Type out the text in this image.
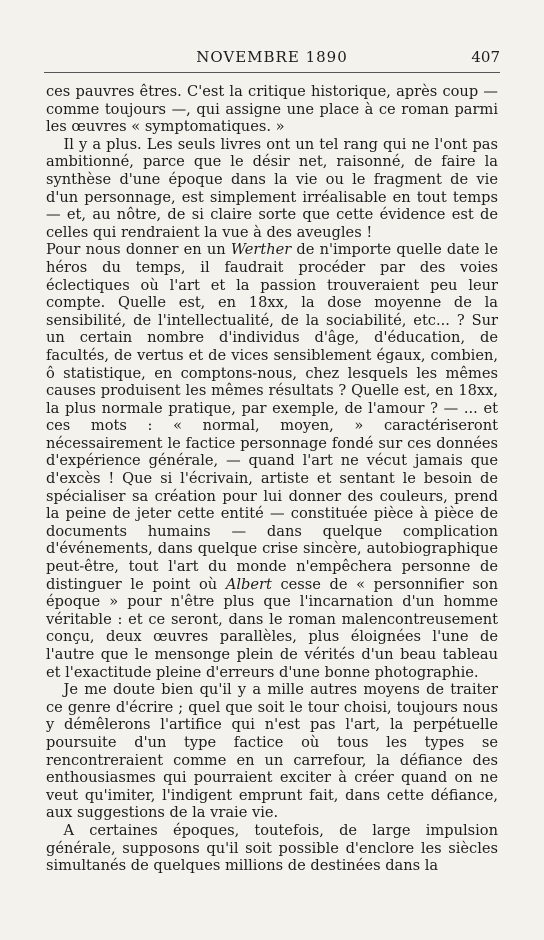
NOVEMBRE 1890	407

ces pauvres êtres. C'est la critique historique, après coup — comme toujours —, qui assigne une place à ce roman parmi les œuvres « symptomatiques. »

Il y a plus. Les seuls livres ont un tel rang qui ne l'ont pas ambitionné, parce que le désir net, raisonné, de faire la synthèse d'une époque dans la vie ou le fragment de vie d'un personnage, est simplement irréalisable en tout temps — et, au nôtre, de si claire sorte que cette évidence est de celles qui rendraient la vue à des aveugles !

Pour nous donner en un Werther de n'importe quelle date le héros du temps, il faudrait procéder par des voies éclectiques où l'art et la passion trouveraient peu leur compte. Quelle est, en 18xx, la dose moyenne de la sensibilité, de l'intellectualité, de la sociabilité, etc... ? Sur un certain nombre d'individus d'âge, d'éducation, de facultés, de vertus et de vices sensiblement égaux, combien, ô statistique, en comptons-nous, chez lesquels les mêmes causes produisent les mêmes résultats ? Quelle est, en 18xx, la plus normale pratique, par exemple, de l'amour ? — ... et ces mots : « normal, moyen, » caractériseront nécessairement le factice personnage fondé sur ces données d'expérience générale, — quand l'art ne vécut jamais que d'excès ! Que si l'écrivain, artiste et sentant le besoin de spécialiser sa création pour lui donner des couleurs, prend la peine de jeter cette entité — constituée pièce à pièce de documents humains — dans quelque complication d'événements, dans quelque crise sincère, autobiographique peut-être, tout l'art du monde n'empêchera personne de distinguer le point où Albert cesse de « personnifier son époque » pour n'être plus que l'incarnation d'un homme véritable : et ce seront, dans le roman malencontreusement conçu, deux œuvres parallèles, plus éloignées l'une de l'autre que le mensonge plein de vérités d'un beau tableau et l'exactitude pleine d'erreurs d'une bonne photographie.

Je me doute bien qu'il y a mille autres moyens de traiter ce genre d'écrire ; quel que soit le tour choisi, toujours nous y démêlerons l'artifice qui n'est pas l'art, la perpétuelle poursuite d'un type factice où tous les types se rencontreraient comme en un carrefour, la défiance des enthousiasmes qui pourraient exciter à créer quand on ne veut qu'imiter, l'indigent emprunt fait, dans cette défiance, aux suggestions de la vraie vie.

A certaines époques, toutefois, de large impulsion générale, supposons qu'il soit possible d'enclore les siècles simultanés de quelques millions de destinées dans la
